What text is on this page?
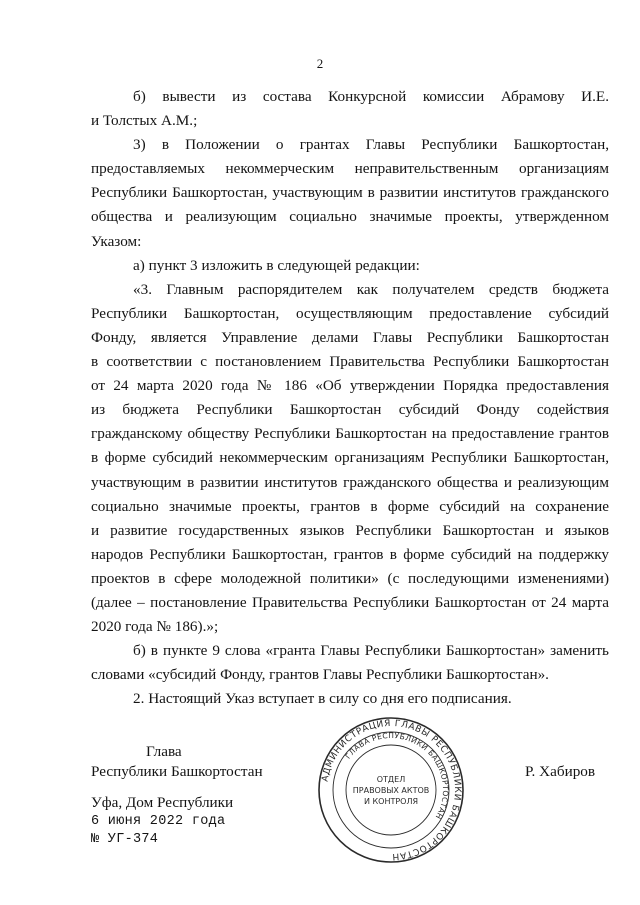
2

б) вывести из состава Конкурсной комиссии Абрамову И.Е.

и Толстых А.М.;

3) в Положении о грантах Главы Республики Башкортостан,

предоставляемых некоммерческим неправительственным организациям

Республики Башкортостан, участвующим в развитии институтов гражданского

общества и реализующим социально значимые проекты, утвержденном

Указом:

а) пункт 3 изложить в следующей редакции:

«3. Главным распорядителем как получателем средств бюджета

Республики Башкортостан, осуществляющим предоставление субсидий

Фонду, является Управление делами Главы Республики Башкортостан

в соответствии с постановлением Правительства Республики Башкортостан

от 24 марта 2020 года № 186 «Об утверждении Порядка предоставления

из бюджета Республики Башкортостан субсидий Фонду содействия

гражданскому обществу Республики Башкортостан на предоставление грантов

в форме субсидий некоммерческим организациям Республики Башкортостан,

участвующим в развитии институтов гражданского общества и реализующим

социально значимые проекты, грантов в форме субсидий на сохранение

и развитие государственных языков Республики Башкортостан и языков

народов Республики Башкортостан, грантов в форме субсидий на поддержку

проектов в сфере молодежной политики» (с последующими изменениями)

(далее – постановление Правительства Республики Башкортостан от 24 марта

2020 года № 186).»;

б) в пункте 9 слова «гранта Главы Республики Башкортостан» заменить

словами «субсидий Фонду, грантов Главы Республики Башкортостан».

2. Настоящий Указ вступает в силу со дня его подписания.

Глава
Республики Башкортостан	Р. Хабиров
Уфа, Дом Республики
6 июня 2022 года
№ УГ-374
АДМИНИСТРАЦИЯ ГЛАВЫ РЕСПУБЛИКИ БАШКОРТОСТАН
ГЛАВА РЕСПУБЛИКИ БАШКОРТОСТАН
ОТДЕЛ
ПРАВОВЫХ АКТОВ
И КОНТРОЛЯ
